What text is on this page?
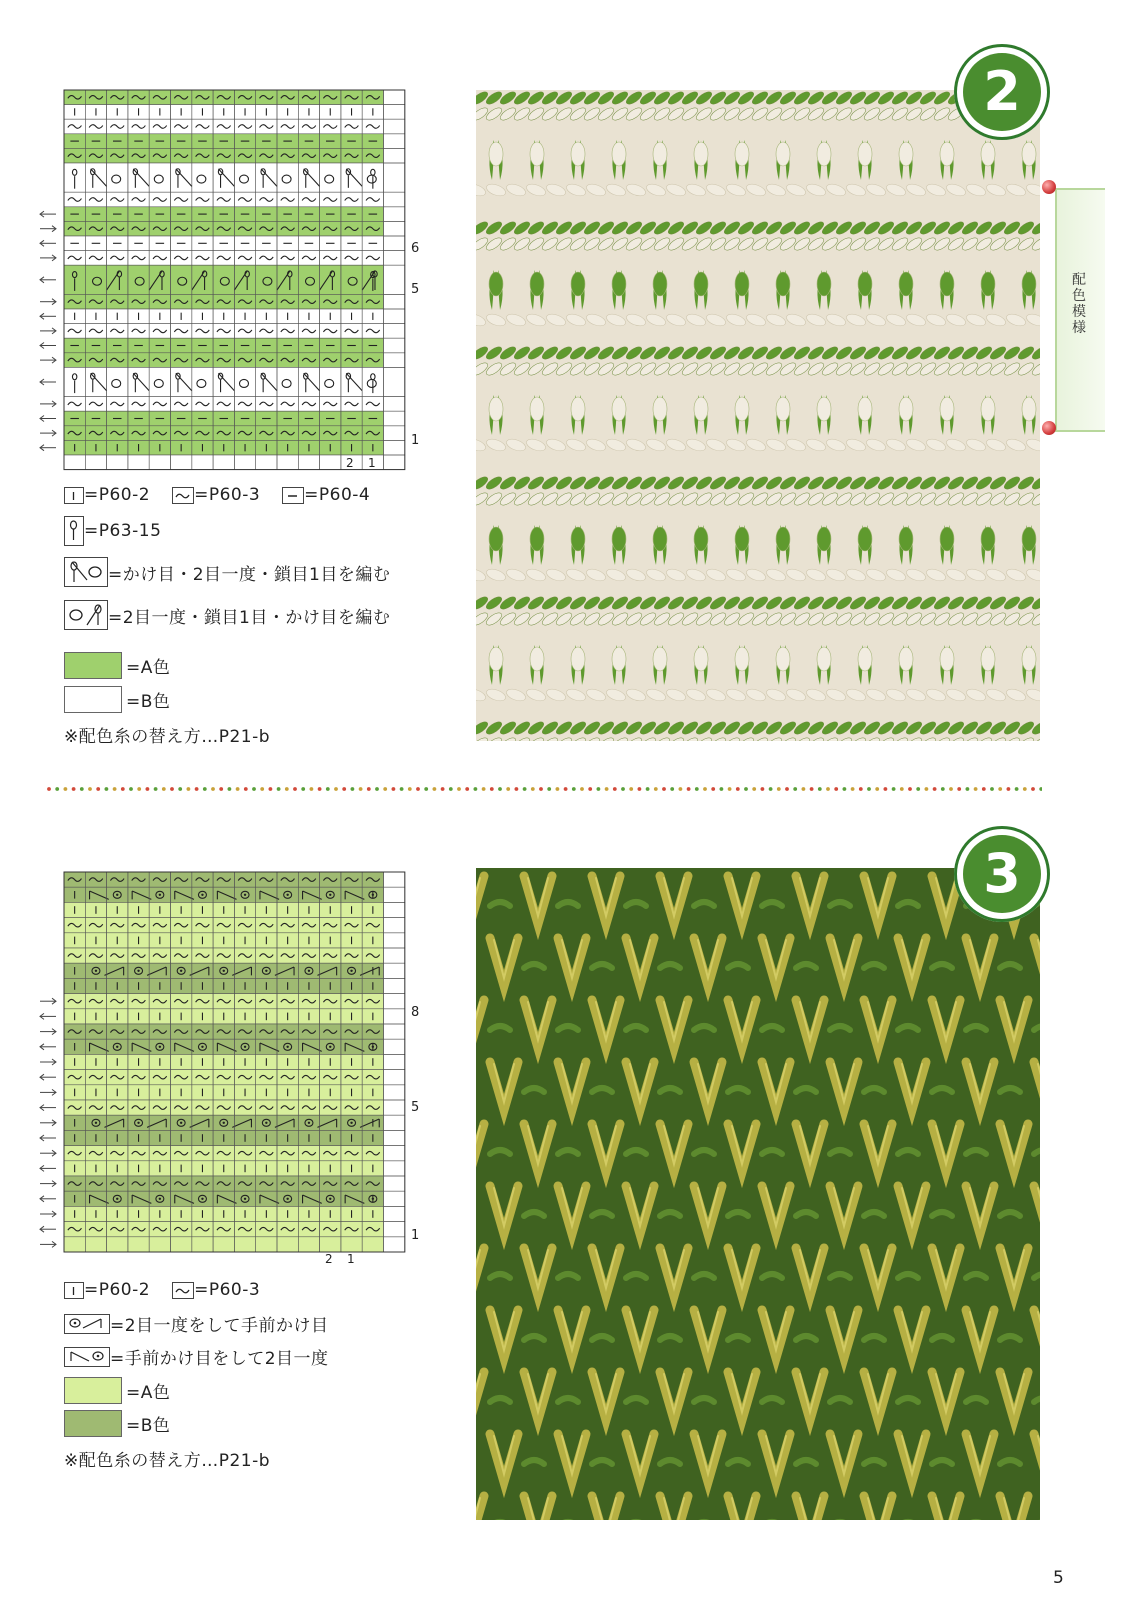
6
5
1
2 1
=P60-2	=P60-3	=P60-4
=P63-15
=かけ目・2目一度・鎖目1目を編む
=2目一度・鎖目1目・かけ目を編む
=A色
=B色
※配色糸の替え方…P21-b
2
配色模様
8
5
1
2 1
=P60-2	=P60-3
=2目一度をして手前かけ目
=手前かけ目をして2目一度
=A色
=B色
※配色糸の替え方…P21-b
3
5
